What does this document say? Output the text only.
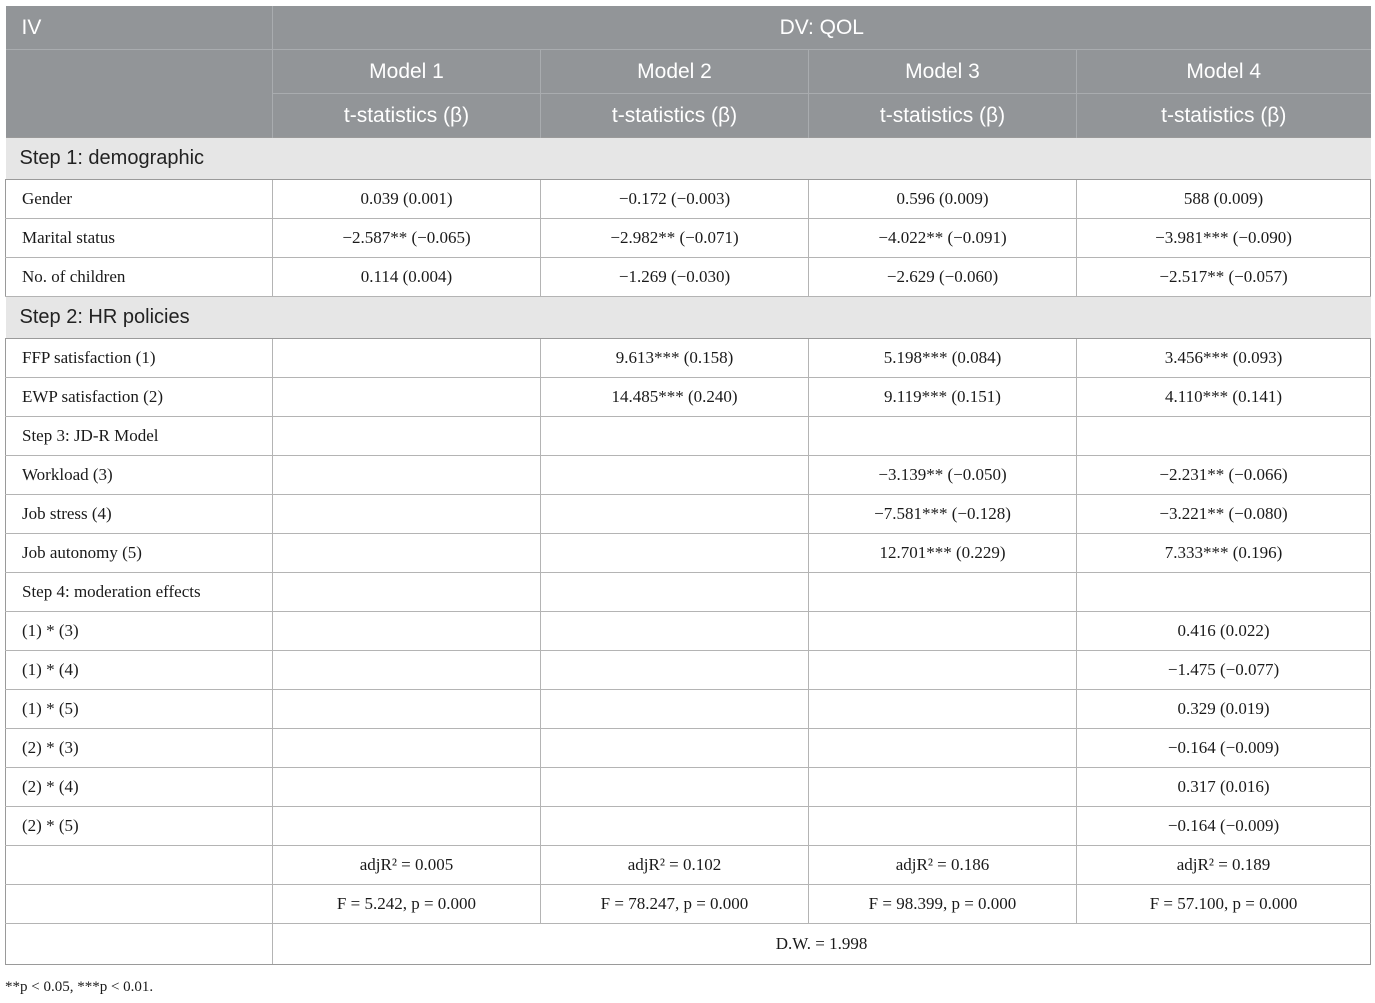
IV	DV: QOL			
	Model 1	Model 2	Model 3	Model 4
	t-statistics (β)	t-statistics (β)	t-statistics (β)	t-statistics (β)
Step 1: demographic				
Gender	0.039 (0.001)	−0.172 (−0.003)	0.596 (0.009)	588 (0.009)
Marital status	−2.587** (−0.065)	−2.982** (−0.071)	−4.022** (−0.091)	−3.981*** (−0.090)
No. of children	0.114 (0.004)	−1.269 (−0.030)	−2.629 (−0.060)	−2.517** (−0.057)
Step 2: HR policies				
FFP satisfaction (1)		9.613*** (0.158)	5.198*** (0.084)	3.456*** (0.093)
EWP satisfaction (2)		14.485*** (0.240)	9.119*** (0.151)	4.110*** (0.141)
Step 3: JD-R Model				
Workload (3)			−3.139** (−0.050)	−2.231** (−0.066)
Job stress (4)			−7.581*** (−0.128)	−3.221** (−0.080)
Job autonomy (5)			12.701*** (0.229)	7.333*** (0.196)
Step 4: moderation effects				
(1) * (3)				0.416 (0.022)
(1) * (4)				−1.475 (−0.077)
(1) * (5)				0.329 (0.019)
(2) * (3)				−0.164 (−0.009)
(2) * (4)				0.317 (0.016)
(2) * (5)				−0.164 (−0.009)
	adjR² = 0.005	adjR² = 0.102	adjR² = 0.186	adjR² = 0.189
	F = 5.242, p = 0.000	F = 78.247, p = 0.000	F = 98.399, p = 0.000	F = 57.100, p = 0.000
	D.W. = 1.998			
**p < 0.05, ***p < 0.01.
